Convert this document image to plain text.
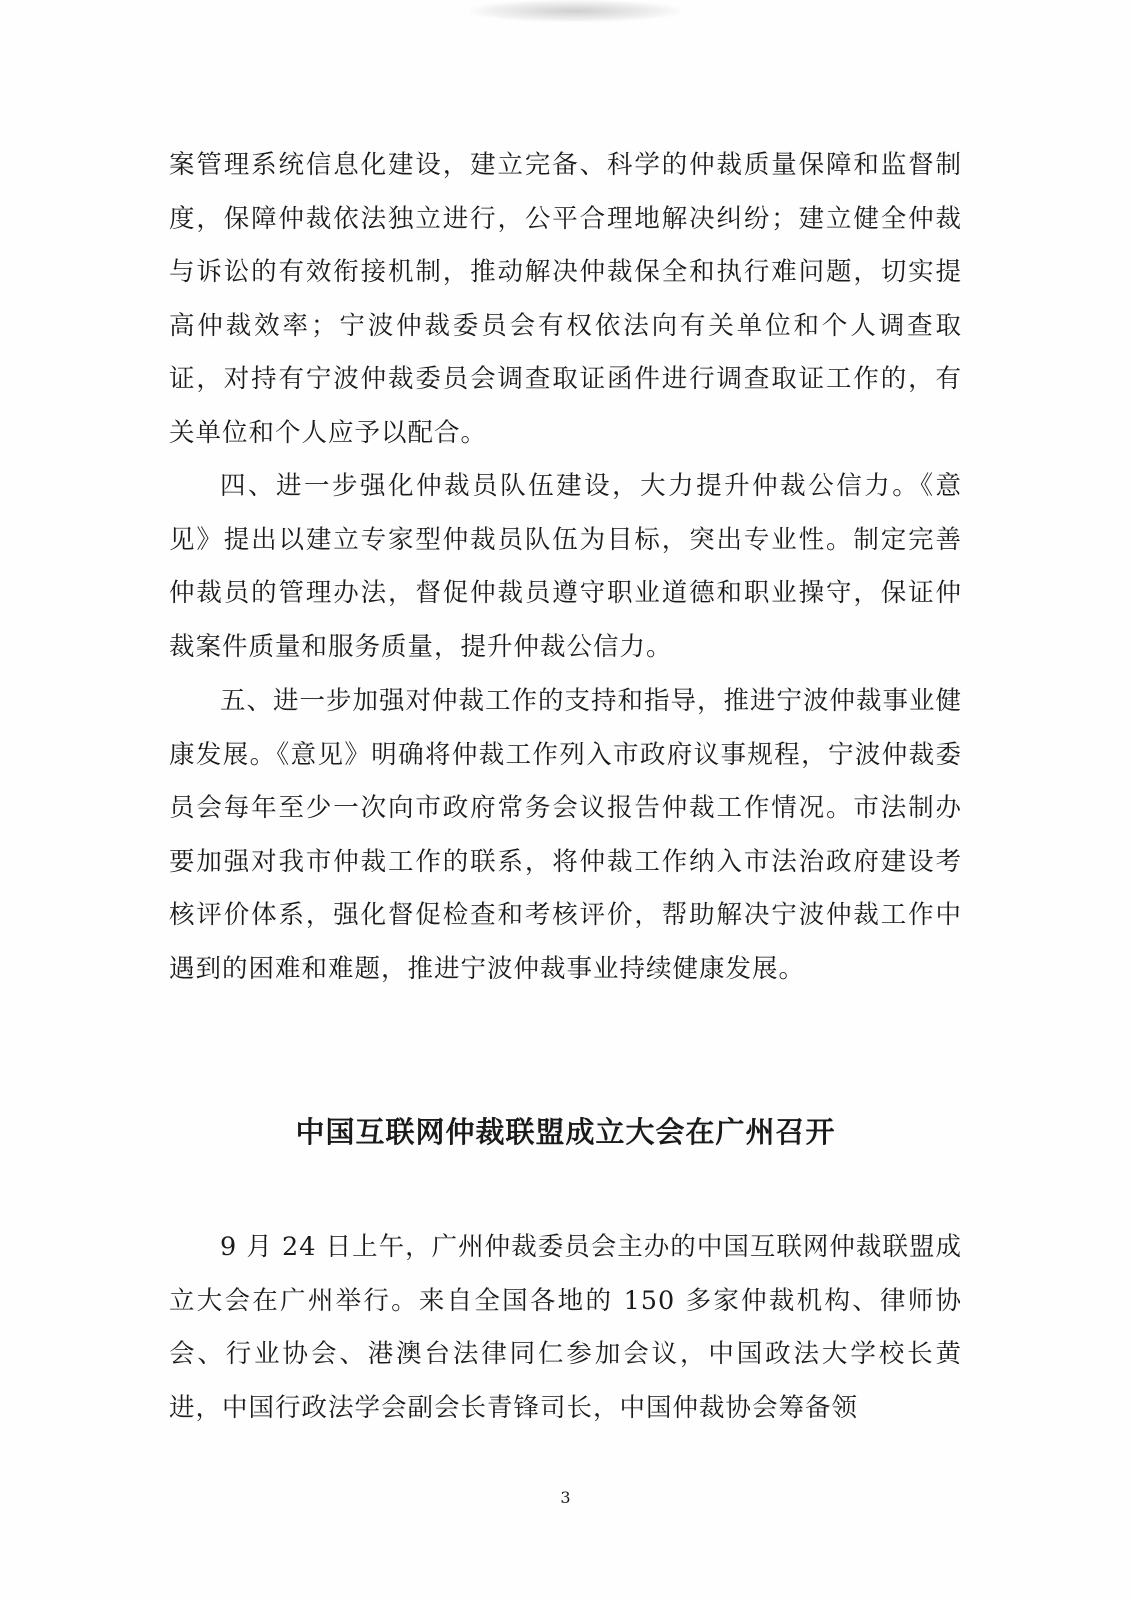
案管理系统信息化建设，建立完备、科学的仲裁质量保障和监督制度，保障仲裁依法独立进行，公平合理地解决纠纷；建立健全仲裁与诉讼的有效衔接机制，推动解决仲裁保全和执行难问题，切实提高仲裁效率；宁波仲裁委员会有权依法向有关单位和个人调查取证，对持有宁波仲裁委员会调查取证函件进行调查取证工作的，有关单位和个人应予以配合。

四、进一步强化仲裁员队伍建设，大力提升仲裁公信力。《意见》提出以建立专家型仲裁员队伍为目标，突出专业性。制定完善仲裁员的管理办法，督促仲裁员遵守职业道德和职业操守，保证仲裁案件质量和服务质量，提升仲裁公信力。

五、进一步加强对仲裁工作的支持和指导，推进宁波仲裁事业健康发展。《意见》明确将仲裁工作列入市政府议事规程，宁波仲裁委员会每年至少一次向市政府常务会议报告仲裁工作情况。市法制办要加强对我市仲裁工作的联系，将仲裁工作纳入市法治政府建设考核评价体系，强化督促检查和考核评价，帮助解决宁波仲裁工作中遇到的困难和难题，推进宁波仲裁事业持续健康发展。

中国互联网仲裁联盟成立大会在广州召开

9 月 24 日上午，广州仲裁委员会主办的中国互联网仲裁联盟成立大会在广州举行。来自全国各地的 150 多家仲裁机构、律师协会、行业协会、港澳台法律同仁参加会议，中国政法大学校长黄进，中国行政法学会副会长青锋司长，中国仲裁协会筹备领

3
